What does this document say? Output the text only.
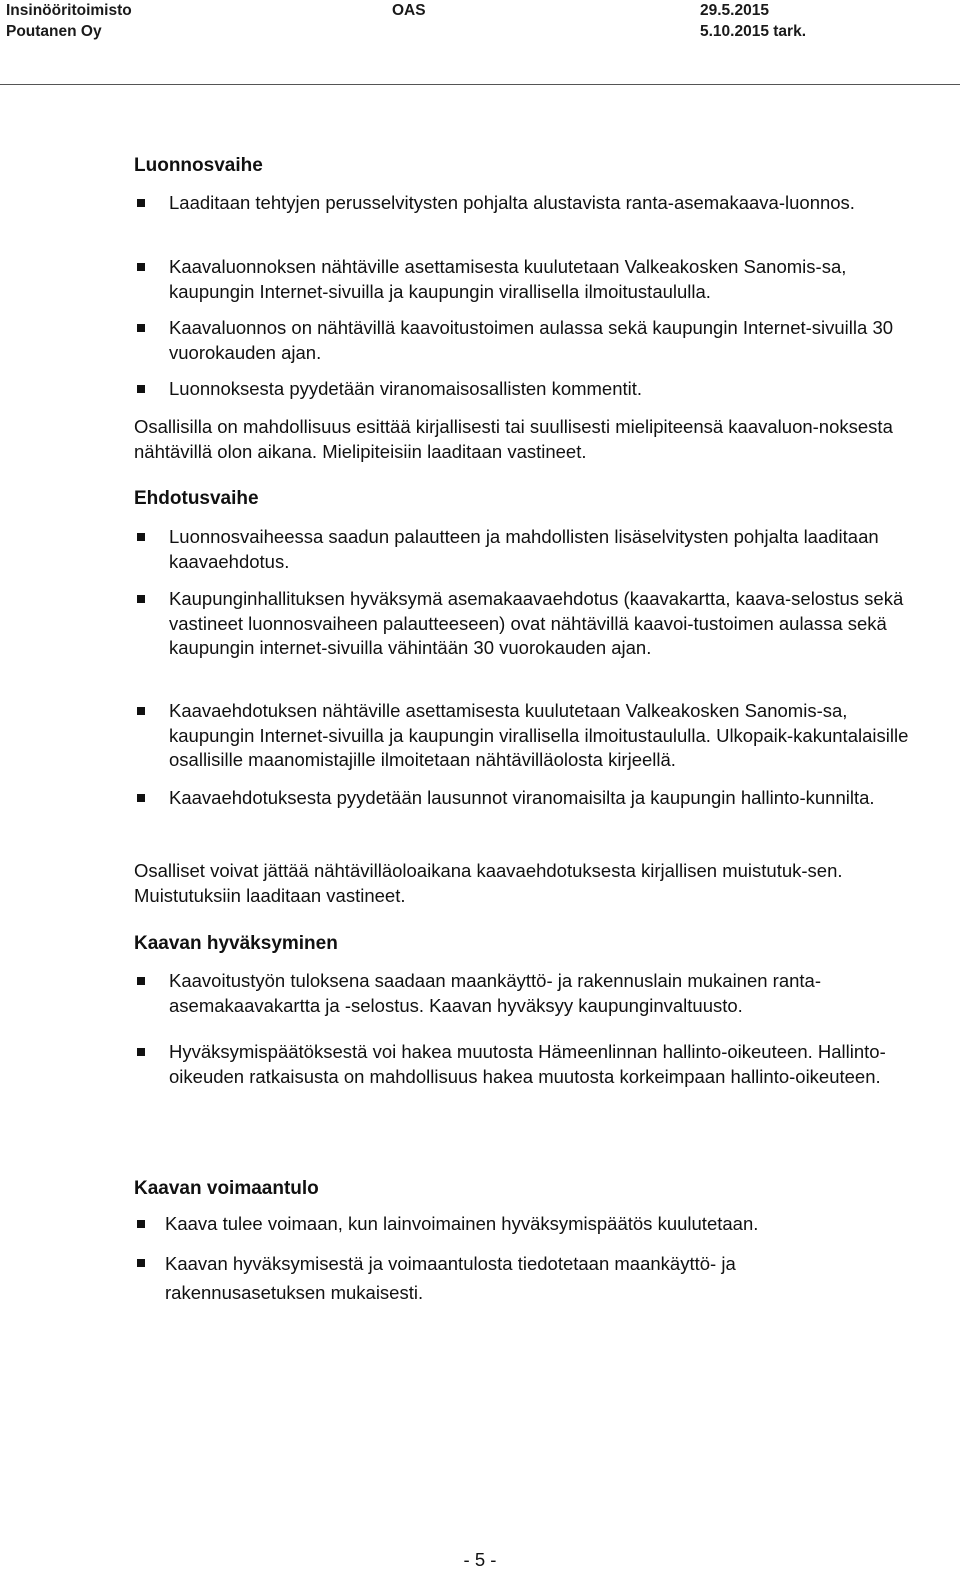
Insinööritoimisto
Poutanen Oy
OAS	29.5.2015
5.10.2015 tark.
Luonnosvaihe
Laaditaan tehtyjen perusselvitysten pohjalta alustavista ranta-asemakaava-luonnos.
Kaavaluonnoksen nähtäville asettamisesta kuulutetaan Valkeakosken Sanomis-sa, kaupungin Internet-sivuilla ja kaupungin virallisella ilmoitustaululla.
Kaavaluonnos on nähtävillä kaavoitustoimen aulassa sekä kaupungin Internet-sivuilla 30 vuorokauden ajan.
Luonnoksesta pyydetään viranomaisosallisten kommentit.

Osallisilla on mahdollisuus esittää kirjallisesti tai suullisesti mielipiteensä kaavaluon-noksesta nähtävillä olon aikana. Mielipiteisiin laaditaan vastineet.

Ehdotusvaihe
Luonnosvaiheessa saadun palautteen ja mahdollisten lisäselvitysten pohjalta laaditaan kaavaehdotus.
Kaupunginhallituksen hyväksymä asemakaavaehdotus (kaavakartta, kaava-selostus sekä vastineet luonnosvaiheen palautteeseen) ovat nähtävillä kaavoi-tustoimen aulassa sekä kaupungin internet-sivuilla vähintään 30 vuorokauden ajan.
Kaavaehdotuksen nähtäville asettamisesta kuulutetaan Valkeakosken Sanomis-sa, kaupungin Internet-sivuilla ja kaupungin virallisella ilmoitustaululla. Ulkopaik-kakuntalaisille osallisille maanomistajille ilmoitetaan nähtävilläolosta kirjeellä.
Kaavaehdotuksesta pyydetään lausunnot viranomaisilta ja kaupungin hallinto-kunnilta.

Osalliset voivat jättää nähtävilläoloaikana kaavaehdotuksesta kirjallisen muistutuk-sen. Muistutuksiin laaditaan vastineet.

Kaavan hyväksyminen
Kaavoitustyön tuloksena saadaan maankäyttö- ja rakennuslain mukainen ranta-asemakaavakartta ja -selostus. Kaavan hyväksyy kaupunginvaltuusto.
Hyväksymispäätöksestä voi hakea muutosta Hämeenlinnan hallinto-oikeuteen. Hallinto- oikeuden ratkaisusta on mahdollisuus hakea muutosta korkeimpaan hallinto-oikeuteen.
Kaavan voimaantulo
Kaava tulee voimaan, kun lainvoimainen hyväksymispäätös kuulutetaan.
Kaavan hyväksymisestä ja voimaantulosta tiedotetaan maankäyttö- ja rakennusasetuksen mukaisesti.
- 5 -
